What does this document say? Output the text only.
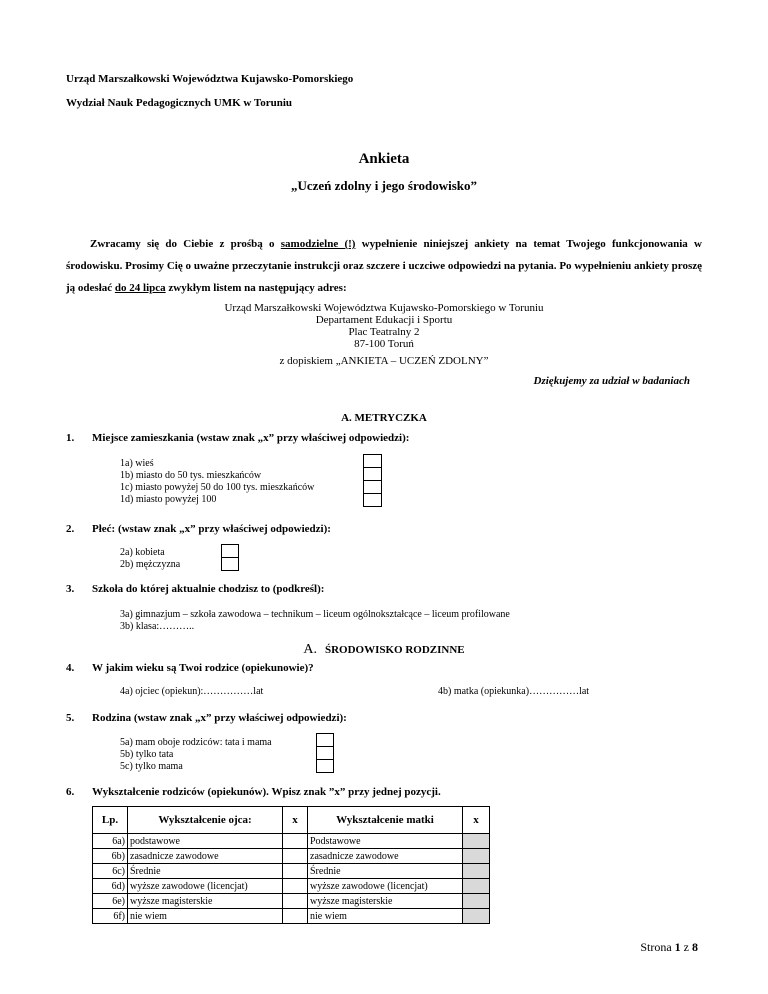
Urząd Marszałkowski Województwa Kujawsko-Pomorskiego
Wydział Nauk Pedagogicznych UMK w Toruniu
Ankieta
„Uczeń zdolny i jego środowisko”
Zwracamy się do Ciebie z prośbą o samodzielne (!) wypełnienie niniejszej ankiety na temat Twojego funkcjonowania w środowisku. Prosimy Cię o uważne przeczytanie instrukcji oraz szczere i uczciwe odpowiedzi na pytania. Po wypełnieniu ankiety proszę ją odesłać do 24 lipca zwykłym listem na następujący adres:
Urząd Marszałkowski Województwa Kujawsko-Pomorskiego w Toruniu
Departament Edukacji i Sportu
Plac Teatralny 2
87-100 Toruń
z dopiskiem „ANKIETA – UCZEŃ ZDOLNY”
Dziękujemy za udział w badaniach
A. METRYCZKA
1. Miejsce zamieszkania (wstaw znak „x” przy właściwej odpowiedzi):
1a) wieś
1b) miasto do 50 tys. mieszkańców
1c) miasto powyżej 50 do 100 tys. mieszkańców
1d) miasto powyżej 100
2. Płeć: (wstaw znak „x” przy właściwej odpowiedzi):
2a) kobieta
2b) mężczyzna
3. Szkoła do której aktualnie chodzisz to (podkreśl):
3a) gimnazjum – szkoła zawodowa – technikum – liceum ogólnokształcące – liceum profilowane
3b) klasa:………..
A. ŚRODOWISKO RODZINNE
4. W jakim wieku są Twoi rodzice (opiekunowie)?
4a) ojciec (opiekun):……………lat	4b) matka (opiekunka)……………lat
5. Rodzina (wstaw znak „x” przy właściwej odpowiedzi):
5a) mam oboje rodziców: tata i mama
5b) tylko tata
5c) tylko mama
6. Wykształcenie rodziców (opiekunów). Wpisz znak ”x” przy jednej pozycji.
Lp.	Wykształcenie ojca:	x	Wykształcenie matki	x
6a)	podstawowe		Podstawowe	
6b)	zasadnicze zawodowe		zasadnicze zawodowe	
6c)	Średnie		Średnie	
6d)	wyższe zawodowe (licencjat)		wyższe zawodowe (licencjat)	
6e)	wyższe magisterskie		wyższe magisterskie	
6f)	nie wiem		nie wiem	
Strona 1 z 8
